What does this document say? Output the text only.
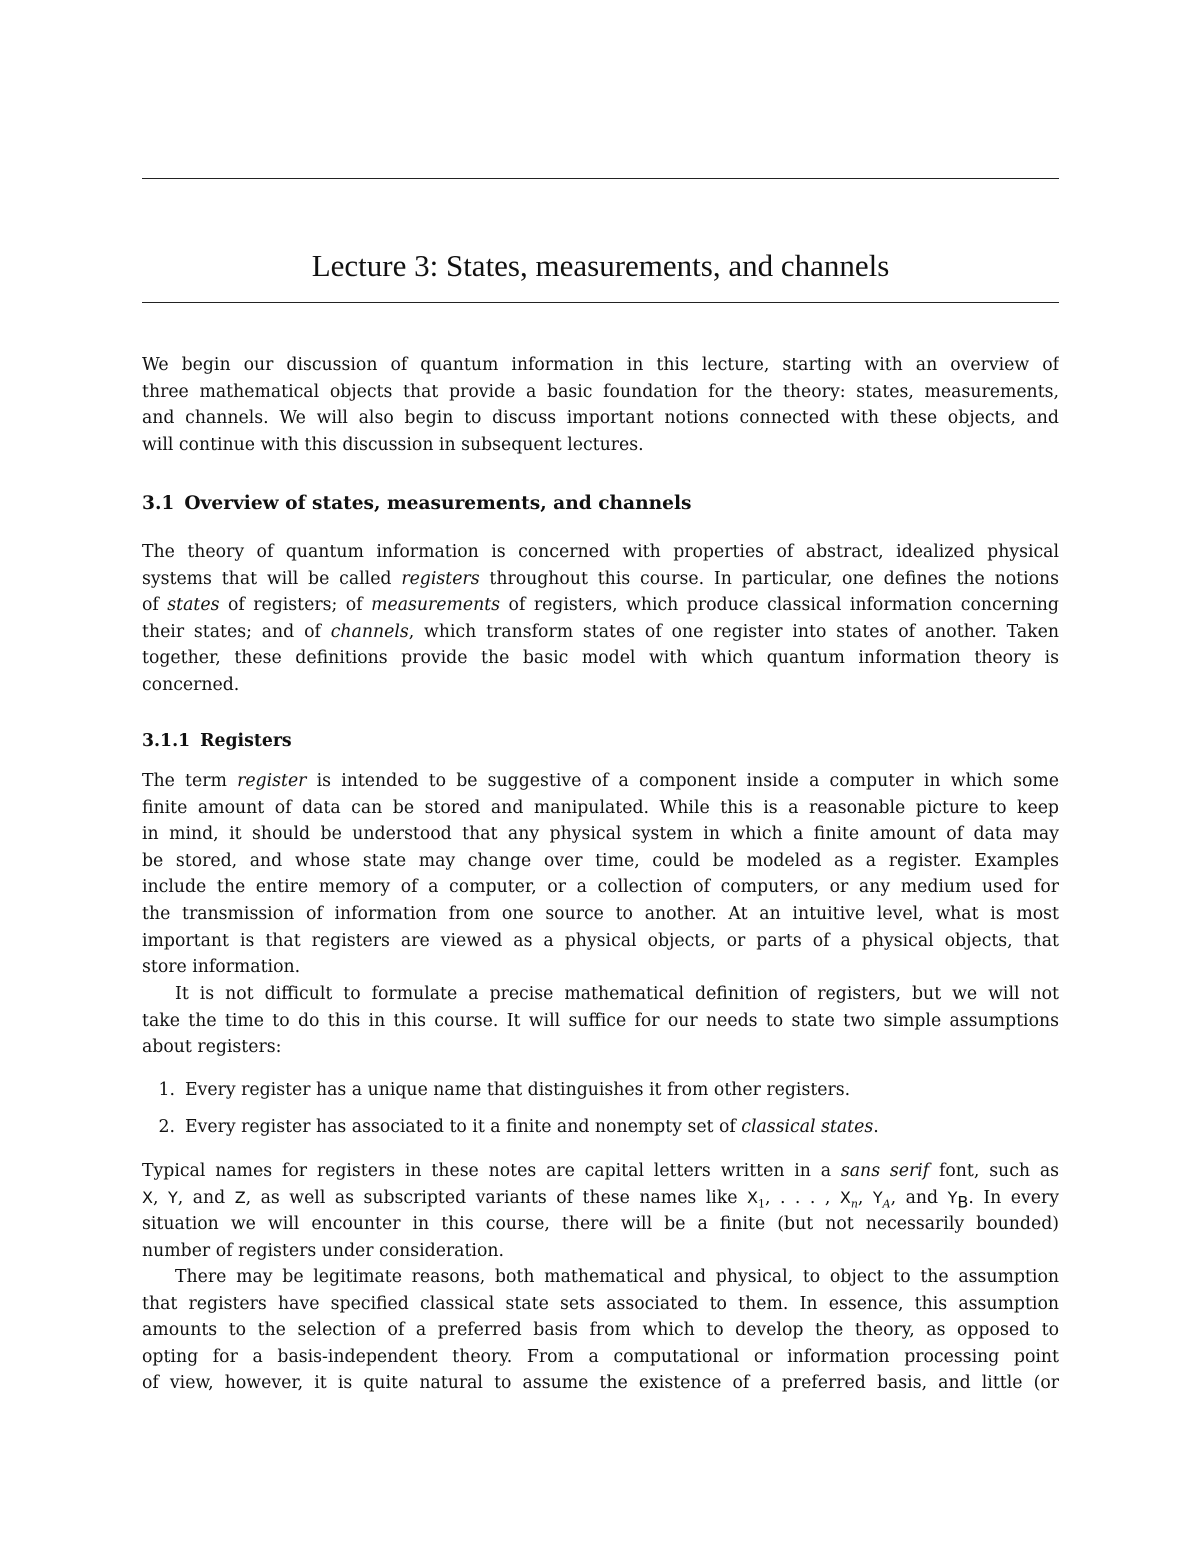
Lecture 3: States, measurements, and channels

We begin our discussion of quantum information in this lecture, starting with an overview of
three mathematical objects that provide a basic foundation for the theory: states, measurements,
and channels. We will also begin to discuss important notions connected with these objects, and
will continue with this discussion in subsequent lectures.

3.1 Overview of states, measurements, and channels

The theory of quantum information is concerned with properties of abstract, idealized physical
systems that will be called registers throughout this course. In particular, one defines the notions
of states of registers; of measurements of registers, which produce classical information concerning
their states; and of channels, which transform states of one register into states of another. Taken
together, these definitions provide the basic model with which quantum information theory is
concerned.

3.1.1 Registers

The term register is intended to be suggestive of a component inside a computer in which some
finite amount of data can be stored and manipulated. While this is a reasonable picture to keep
in mind, it should be understood that any physical system in which a finite amount of data may
be stored, and whose state may change over time, could be modeled as a register. Examples
include the entire memory of a computer, or a collection of computers, or any medium used for
the transmission of information from one source to another. At an intuitive level, what is most
important is that registers are viewed as a physical objects, or parts of a physical objects, that
store information.

It is not difficult to formulate a precise mathematical definition of registers, but we will not
take the time to do this in this course. It will suffice for our needs to state two simple assumptions
about registers:

1. Every register has a unique name that distinguishes it from other registers.
2. Every register has associated to it a finite and nonempty set of classical states.

Typical names for registers in these notes are capital letters written in a sans serif font, such as
X, Y, and Z, as well as subscripted variants of these names like $X_1$, . . . , $X_n$, $Y_A$, and $Y_B$. In every
situation we will encounter in this course, there will be a finite (but not necessarily bounded)
number of registers under consideration.

There may be legitimate reasons, both mathematical and physical, to object to the assumption
that registers have specified classical state sets associated to them. In essence, this assumption
amounts to the selection of a preferred basis from which to develop the theory, as opposed to
opting for a basis-independent theory. From a computational or information processing point
of view, however, it is quite natural to assume the existence of a preferred basis, and little (or
